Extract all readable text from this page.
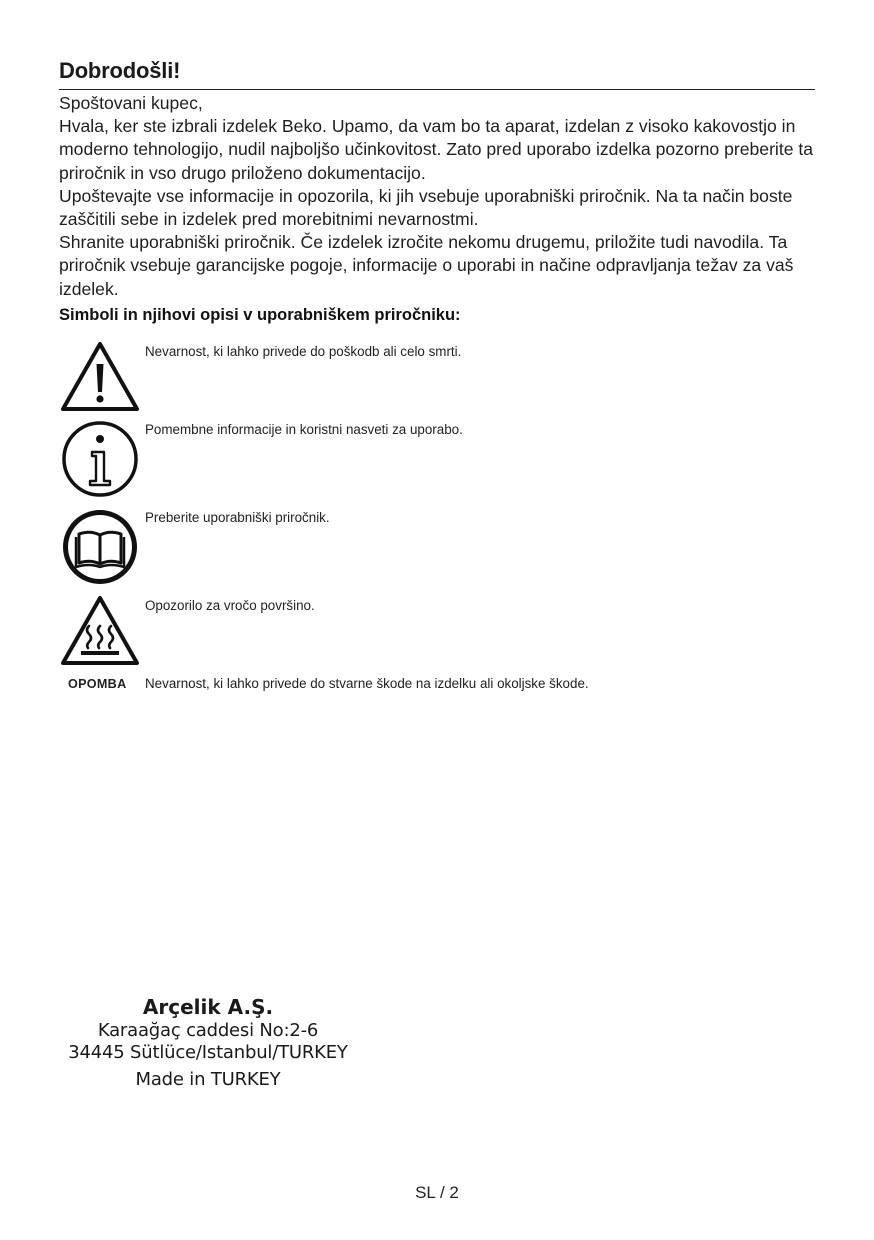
Dobrodošli!

Spoštovani kupec,

Hvala, ker ste izbrali izdelek Beko. Upamo, da vam bo ta aparat, izdelan z visoko kakovostjo in moderno tehnologijo, nudil najboljšo učinkovitost. Zato pred uporabo izdelka pozorno preberite ta priročnik in vso drugo priloženo dokumentacijo.

Upoštevajte vse informacije in opozorila, ki jih vsebuje uporabniški priročnik. Na ta način boste zaščitili sebe in izdelek pred morebitnimi nevarnostmi.

Shranite uporabniški priročnik. Če izdelek izročite nekomu drugemu, priložite tudi navodila. Ta priročnik vsebuje garancijske pogoje, informacije o uporabi in načine odpravljanja težav za vaš izdelek.

Simboli in njihovi opisi v uporabniškem priročniku:
Nevarnost, ki lahko privede do poškodb ali celo smrti.
Pomembne informacije in koristni nasveti za uporabo.
Preberite uporabniški priročnik.
Opozorilo za vročo površino.
OPOMBA Nevarnost, ki lahko privede do stvarne škode na izdelku ali okoljske škode.
Arçelik A.Ş.
Karaağaç caddesi No:2-6
34445 Sütlüce/Istanbul/TURKEY
Made in TURKEY
SL / 2
